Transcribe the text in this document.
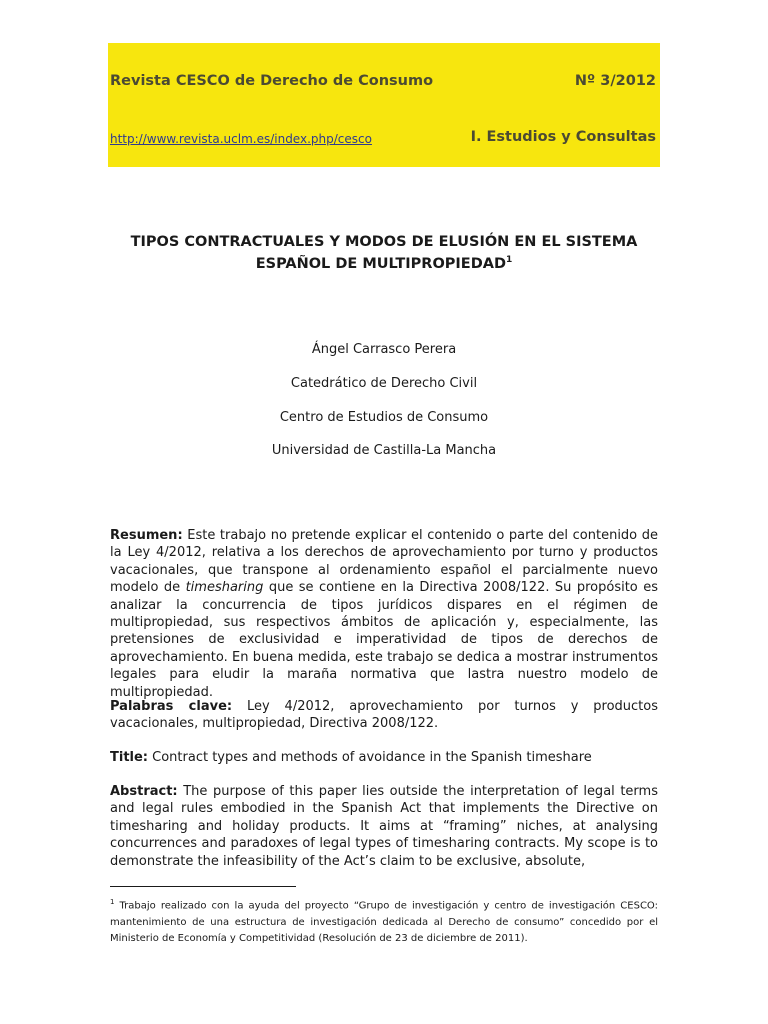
Revista CESCO de Derecho de Consumo	Nº 3/2012
http://www.revista.uclm.es/index.php/cesco	I. Estudios y Consultas
TIPOS CONTRACTUALES Y MODOS DE ELUSIÓN EN EL SISTEMA
ESPAÑOL DE MULTIPROPIEDAD$^1$
Ángel Carrasco Perera
Catedrático de Derecho Civil
Centro de Estudios de Consumo
Universidad de Castilla-La Mancha
Resumen: Este trabajo no pretende explicar el contenido o parte del contenido de la Ley 4/2012, relativa a los derechos de aprovechamiento por turno y productos vacacionales, que transpone al ordenamiento español el parcialmente nuevo modelo de timesharing que se contiene en la Directiva 2008/122. Su propósito es analizar la concurrencia de tipos jurídicos dispares en el régimen de multipropiedad, sus respectivos ámbitos de aplicación y, especialmente, las pretensiones de exclusividad e imperatividad de tipos de derechos de aprovechamiento. En buena medida, este trabajo se dedica a mostrar instrumentos legales para eludir la maraña normativa que lastra nuestro modelo de multipropiedad.
Palabras clave: Ley 4/2012, aprovechamiento por turnos y productos vacacionales, multipropiedad, Directiva 2008/122.
Title: Contract types and methods of avoidance in the Spanish timeshare
Abstract: The purpose of this paper lies outside the interpretation of legal terms and legal rules embodied in the Spanish Act that implements the Directive on timesharing and holiday products. It aims at “framing” niches, at analysing concurrences and paradoxes of legal types of timesharing contracts. My scope is to demonstrate the infeasibility of the Act’s claim to be exclusive, absolute,
$^1$ Trabajo realizado con la ayuda del proyecto “Grupo de investigación y centro de investigación CESCO: mantenimiento de una estructura de investigación dedicada al Derecho de consumo” concedido por el Ministerio de Economía y Competitividad (Resolución de 23 de diciembre de 2011).
